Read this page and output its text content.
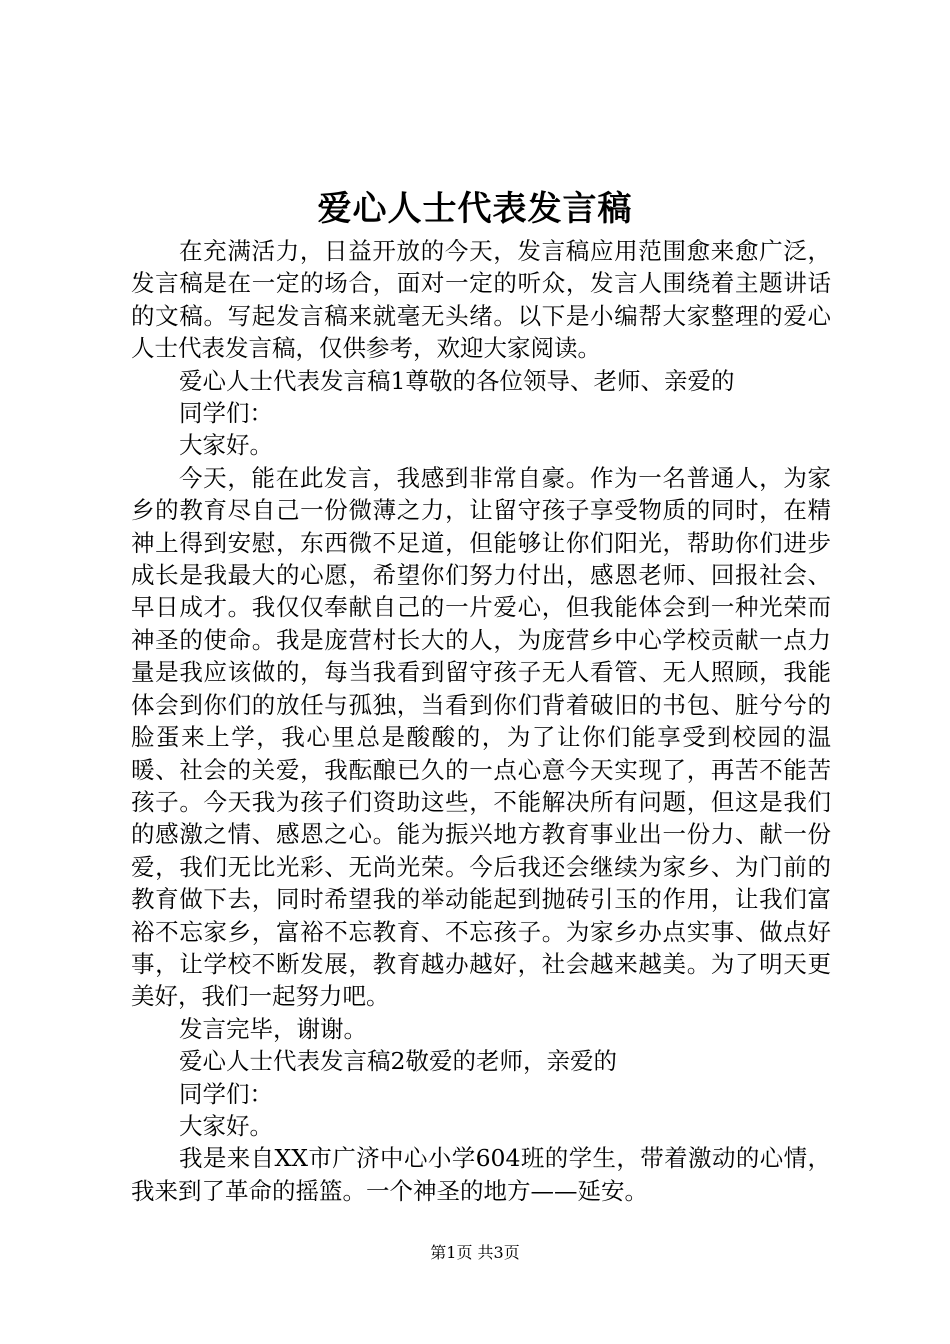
爱心人士代表发言稿

在充满活力，日益开放的今天，发言稿应用范围愈来愈广泛，发言稿是在一定的场合，面对一定的听众，发言人围绕着主题讲话的文稿。写起发言稿来就毫无头绪。以下是小编帮大家整理的爱心人士代表发言稿，仅供参考，欢迎大家阅读。

爱心人士代表发言稿1尊敬的各位领导、老师、亲爱的

同学们：

大家好。

今天，能在此发言，我感到非常自豪。作为一名普通人，为家乡的教育尽自己一份微薄之力，让留守孩子享受物质的同时，在精神上得到安慰，东西微不足道，但能够让你们阳光，帮助你们进步成长是我最大的心愿，希望你们努力付出，感恩老师、回报社会、早日成才。我仅仅奉献自己的一片爱心，但我能体会到一种光荣而神圣的使命。我是庞营村长大的人，为庞营乡中心学校贡献一点力量是我应该做的，每当我看到留守孩子无人看管、无人照顾，我能体会到你们的放任与孤独，当看到你们背着破旧的书包、脏兮兮的脸蛋来上学，我心里总是酸酸的，为了让你们能享受到校园的温暖、社会的关爱，我酝酿已久的一点心意今天实现了，再苦不能苦孩子。今天我为孩子们资助这些，不能解决所有问题，但这是我们的感激之情、感恩之心。能为振兴地方教育事业出一份力、献一份爱，我们无比光彩、无尚光荣。今后我还会继续为家乡、为门前的教育做下去，同时希望我的举动能起到抛砖引玉的作用，让我们富裕不忘家乡，富裕不忘教育、不忘孩子。为家乡办点实事、做点好事，让学校不断发展，教育越办越好，社会越来越美。为了明天更美好，我们一起努力吧。

发言完毕，谢谢。

爱心人士代表发言稿2敬爱的老师，亲爱的

同学们：

大家好。

我是来自XX市广济中心小学604班的学生，带着激动的心情，我来到了革命的摇篮。一个神圣的地方——延安。

第1页 共3页
